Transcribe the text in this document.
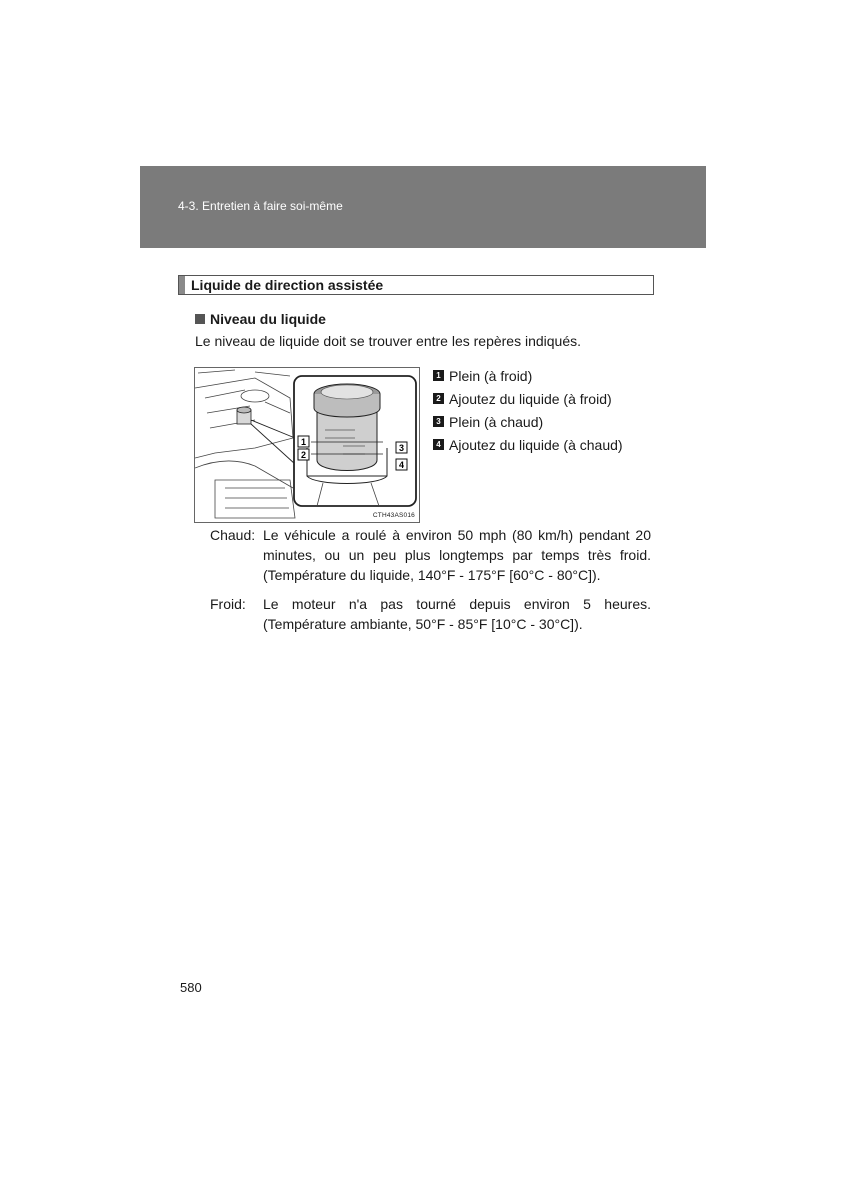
4-3. Entretien à faire soi-même
Liquide de direction assistée
Niveau du liquide
Le niveau de liquide doit se trouver entre les repères indiqués.
1
2
3
4
CTH43AS016
1 Plein (à froid)
2 Ajoutez du liquide (à froid)
3 Plein (à chaud)
4 Ajoutez du liquide (à chaud)
Chaud: Le véhicule a roulé à environ 50 mph (80 km/h) pendant 20 minutes, ou un peu plus longtemps par temps très froid. (Température du liquide, 140°F - 175°F [60°C - 80°C]).
Froid: Le moteur n'a pas tourné depuis environ 5 heures. (Température ambiante, 50°F - 85°F [10°C - 30°C]).
580
